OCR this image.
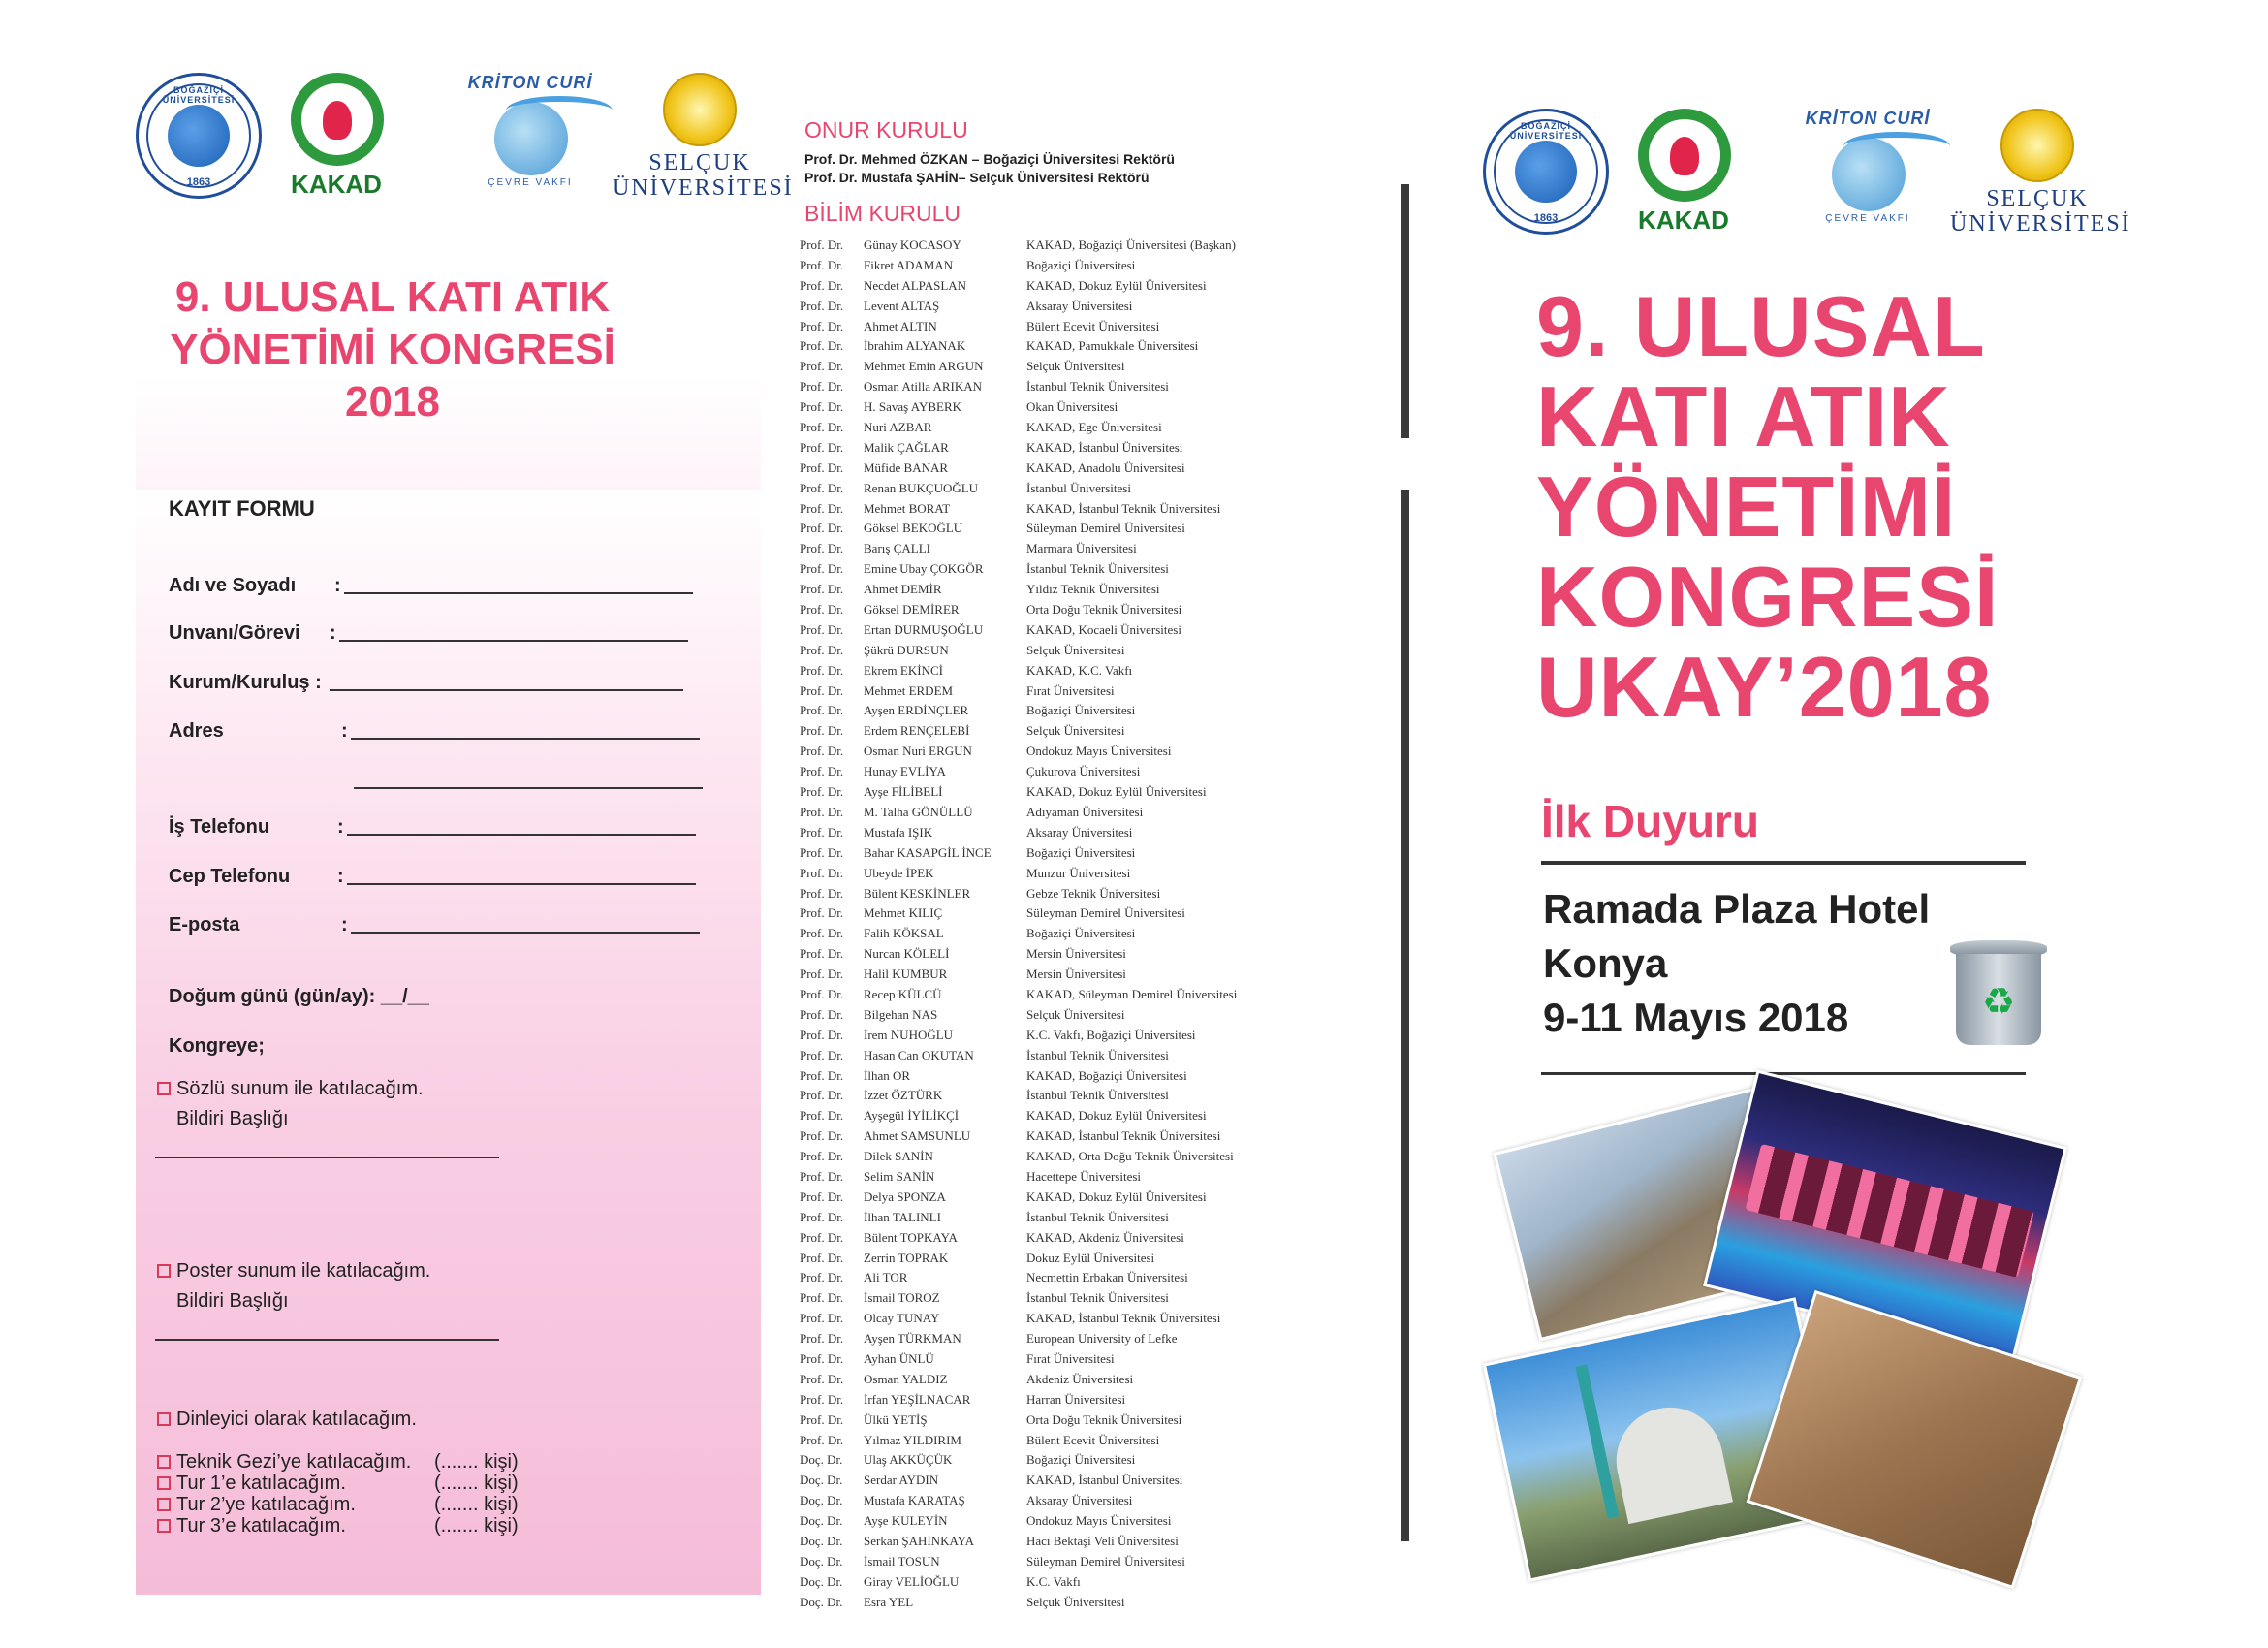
BOĞAZİÇİ ÜNİVERSİTESİ
1863	KAKAD
KRİTON CURİ
ÇEVRE VAKFI
SELÇUK
ÜNİVERSİTESİ
9. ULUSAL KATI ATIK
YÖNETİMİ KONGRESİ
2018
KAYIT FORMU
Adı ve Soyadı :
Unvanı/Görevi :
Kurum/Kuruluş :
Adres	:
İş Telefonu	:
Cep Telefonu :
E-posta	:
Doğum günü (gün/ay): __/__
Kongreye;
Sözlü sunum ile katılacağım.
Bildiri Başlığı
Poster sunum ile katılacağım.
Bildiri Başlığı
Dinleyici olarak katılacağım.
Teknik Gezi’ye katılacağım. (....... kişi)
Tur 1’e katılacağım.	(....... kişi)
Tur 2’ye katılacağım.	(....... kişi)
Tur 3’e katılacağım.	(....... kişi)
ONUR KURULU
Prof. Dr. Mehmed ÖZKAN – Boğaziçi Üniversitesi Rektörü
Prof. Dr. Mustafa ŞAHİN– Selçuk Üniversitesi Rektörü
BİLİM KURULU
Prof. Dr.	Günay KOCASOY	KAKAD, Boğaziçi Üniversitesi (Başkan)
Prof. Dr.	Fikret ADAMAN	Boğaziçi Üniversitesi
Prof. Dr.	Necdet ALPASLAN	KAKAD, Dokuz Eylül Üniversitesi
Prof. Dr.	Levent ALTAŞ	Aksaray Üniversitesi
Prof. Dr.	Ahmet ALTIN	Bülent Ecevit Üniversitesi
Prof. Dr.	İbrahim ALYANAK	KAKAD, Pamukkale Üniversitesi
Prof. Dr.	Mehmet Emin ARGUN	Selçuk Üniversitesi
Prof. Dr.	Osman Atilla ARIKAN	İstanbul Teknik Üniversitesi
Prof. Dr.	H. Savaş AYBERK	Okan Üniversitesi
Prof. Dr.	Nuri AZBAR	KAKAD, Ege Üniversitesi
Prof. Dr.	Malik ÇAĞLAR	KAKAD, İstanbul Üniversitesi
Prof. Dr.	Müfide BANAR	KAKAD, Anadolu Üniversitesi
Prof. Dr.	Renan BUKÇUOĞLU	İstanbul Üniversitesi
Prof. Dr.	Mehmet BORAT	KAKAD, İstanbul Teknik Üniversitesi
Prof. Dr.	Göksel BEKOĞLU	Süleyman Demirel Üniversitesi
Prof. Dr.	Barış ÇALLI	Marmara Üniversitesi
Prof. Dr.	Emine Ubay ÇOKGÖR	İstanbul Teknik Üniversitesi
Prof. Dr.	Ahmet DEMİR	Yıldız Teknik Üniversitesi
Prof. Dr.	Göksel DEMİRER	Orta Doğu Teknik Üniversitesi
Prof. Dr.	Ertan DURMUŞOĞLU	KAKAD, Kocaeli Üniversitesi
Prof. Dr.	Şükrü DURSUN	Selçuk Üniversitesi
Prof. Dr.	Ekrem EKİNCİ	KAKAD, K.C. Vakfı
Prof. Dr.	Mehmet ERDEM	Fırat Üniversitesi
Prof. Dr.	Ayşen ERDİNÇLER	Boğaziçi Üniversitesi
Prof. Dr.	Erdem RENÇELEBİ	Selçuk Üniversitesi
Prof. Dr.	Osman Nuri ERGUN	Ondokuz Mayıs Üniversitesi
Prof. Dr.	Hunay EVLİYA	Çukurova Üniversitesi
Prof. Dr.	Ayşe FİLİBELİ	KAKAD, Dokuz Eylül Üniversitesi
Prof. Dr.	M. Talha GÖNÜLLÜ	Adıyaman Üniversitesi
Prof. Dr.	Mustafa IŞIK	Aksaray Üniversitesi
Prof. Dr.	Bahar KASAPGİL İNCE	Boğaziçi Üniversitesi
Prof. Dr.	Ubeyde İPEK	Munzur Üniversitesi
Prof. Dr.	Bülent KESKİNLER	Gebze Teknik Üniversitesi
Prof. Dr.	Mehmet KILIÇ	Süleyman Demirel Üniversitesi
Prof. Dr.	Falih KÖKSAL	Boğaziçi Üniversitesi
Prof. Dr.	Nurcan KÖLELİ	Mersin Üniversitesi
Prof. Dr.	Halil KUMBUR	Mersin Üniversitesi
Prof. Dr.	Recep KÜLCÜ	KAKAD, Süleyman Demirel Üniversitesi
Prof. Dr.	Bilgehan NAS	Selçuk Üniversitesi
Prof. Dr.	İrem NUHOĞLU	K.C. Vakfı, Boğaziçi Üniversitesi
Prof. Dr.	Hasan Can OKUTAN	İstanbul Teknik Üniversitesi
Prof. Dr.	İlhan OR	KAKAD, Boğaziçi Üniversitesi
Prof. Dr.	İzzet ÖZTÜRK	İstanbul Teknik Üniversitesi
Prof. Dr.	Ayşegül İYİLİKÇİ	KAKAD, Dokuz Eylül Üniversitesi
Prof. Dr.	Ahmet SAMSUNLU	KAKAD, İstanbul Teknik Üniversitesi
Prof. Dr.	Dilek SANİN	KAKAD, Orta Doğu Teknik Üniversitesi
Prof. Dr.	Selim SANİN	Hacettepe Üniversitesi
Prof. Dr.	Delya SPONZA	KAKAD, Dokuz Eylül Üniversitesi
Prof. Dr.	İlhan TALINLI	İstanbul Teknik Üniversitesi
Prof. Dr.	Bülent TOPKAYA	KAKAD, Akdeniz Üniversitesi
Prof. Dr.	Zerrin TOPRAK	Dokuz Eylül Üniversitesi
Prof. Dr.	Ali TOR	Necmettin Erbakan Üniversitesi
Prof. Dr.	İsmail TOROZ	İstanbul Teknik Üniversitesi
Prof. Dr.	Olcay TUNAY	KAKAD, İstanbul Teknik Üniversitesi
Prof. Dr.	Ayşen TÜRKMAN	European University of Lefke
Prof. Dr.	Ayhan ÜNLÜ	Fırat Üniversitesi
Prof. Dr.	Osman YALDIZ	Akdeniz Üniversitesi
Prof. Dr.	İrfan YEŞİLNACAR	Harran Üniversitesi
Prof. Dr.	Ülkü YETİŞ	Orta Doğu Teknik Üniversitesi
Prof. Dr.	Yılmaz YILDIRIM	Bülent Ecevit Üniversitesi
Doç. Dr.	Ulaş AKKÜÇÜK	Boğaziçi Üniversitesi
Doç. Dr.	Serdar AYDIN	KAKAD, İstanbul Üniversitesi
Doç. Dr.	Mustafa KARATAŞ	Aksaray Üniversitesi
Doç. Dr.	Ayşe KULEYİN	Ondokuz Mayıs Üniversitesi
Doç. Dr.	Serkan ŞAHİNKAYA	Hacı Bektaşi Veli Üniversitesi
Doç. Dr.	İsmail TOSUN	Süleyman Demirel Üniversitesi
Doç. Dr.	Giray VELİOĞLU	K.C. Vakfı
Doç. Dr.	Esra YEL	Selçuk Üniversitesi
BOĞAZİÇİ ÜNİVERSİTESİ
1863	KAKAD
KRİTON CURİ
ÇEVRE VAKFI
SELÇUK
ÜNİVERSİTESİ
9. ULUSAL
KATI ATIK
YÖNETİMİ
KONGRESİ
UKAY’2018
İlk Duyuru
Ramada Plaza Hotel
Konya
9-11 Mayıs 2018	♻
